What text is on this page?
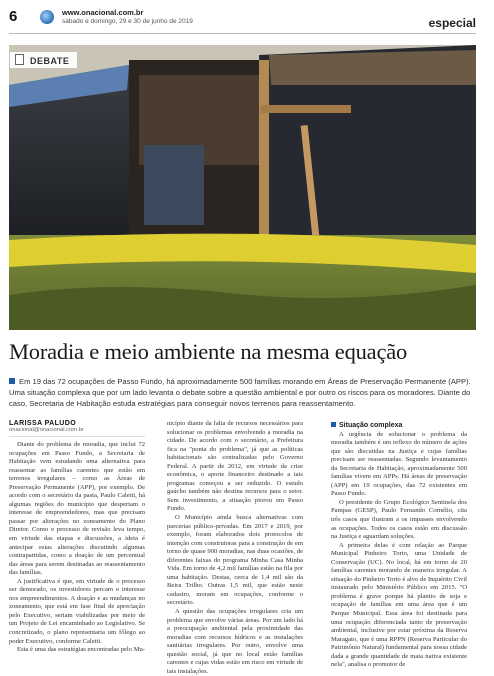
6	www.onacional.com.br
sábado e domingo, 29 e 30 de junho de 2019	especial
DEBATE
Moradia e meio ambiente na mesma equação
Em 19 das 72 ocupações de Passo Fundo, há aproximadamente 500 famílias morando em Áreas de Preservação Permanente (APP). Uma situação complexa que por um lado levanta o debate sobre a questão ambiental e por outro os riscos para os moradores. Diante do caso, Secretaria de Habitação estuda estratégias para conseguir novos terrenos para reassentamento.
LARISSA PALUDO
onacional@onacional.com.br

Diante do problema de moradia, que inclui 72 ocupações em Passo Fundo, a Secretaria de Habitação vem estudando uma alternativa para reassentar as famílias carentes que estão em terrenos irregulares – como as Áreas de Preservação Permanente (APP), por exemplo. De acordo com o secretário da pasta, Paulo Caletti, há algumas regiões do município que despertam o interesse de empreendedores, mas que precisam passar por alterações no zoneamento do Plano Diretor. Como o processo de revisão leva tempo, em virtude das etapas e discussões, a ideia é antecipar estas alterações discutindo algumas contrapartidas, como a doação de um percentual das áreas para serem destinadas ao reassentamento das famílias.

A justificativa é que, em virtude de o processo ser demorado, os investidores percam o interesse nos empreendimentos. A doação e as mudanças no zoneamento, que está em fase final de apreciação pelo Executivo, seriam viabilizadas por meio de um Projeto de Lei encaminhado ao Legislativo. Se concretizado, o plano representaria um fôlego ao poder Executivo, conforme Caletti.

Esta é uma das estratégias encontradas pelo Mu-

nicípio diante da falta de recursos necessários para solucionar os problemas envolvendo a moradia na cidade. De acordo com o secretário, a Prefeitura fica na "ponta do problema", já que as políticas habitacionais são centralizadas pelo Governo Federal. A partir de 2012, em virtude da crise econômica, o aporte financeiro destinado a tais programas começou a ser reduzido. O estudo gaúcho também não destina recursos para o setor. Sem investimento, a situação piorou em Passo Fundo.

O Município ainda busca alternativas com parcerias público-privadas. Em 2017 e 2019, por exemplo, foram elaborados dois protocolos de intenção com construtoras para a construção de em torno de quase 900 moradias, nas duas ocasiões, de diferentes faixas do programa Minha Casa Minha Vida. Em torno de 4,2 mil famílias estão na fila por uma habitação. Destas, cerca de 1,4 mil são da Beira Trilho. Outras 1,5 mil, que estão neste cadastro, moram em ocupações, conforme o secretário.

A questão das ocupações irregulares cria um problema que envolve várias áreas. Por um lado há a preocupação ambiental pela proximidade das moradias com recursos hídricos e as instalações sanitárias irregulares. Por outro, envolve uma questão social, já que no local estão famílias carentes e cujas vidas estão em risco em virtude de tais instalações.

Situação complexa

A urgência de solucionar o problema da moradia também é um reflexo do número de ações que são discutidas na Justiça e cujas famílias precisam ser reassentadas. Segundo levantamento da Secretaria de Habitação, aproximadamente 500 famílias vivem em APPs. Há áreas de preservação (APP) em 19 ocupações, das 72 existentes em Passo Fundo.

O presidente do Grupo Ecológico Sentinela dos Pampas (GESP), Paulo Fernando Cornélio, cita três casos que ilustram a os impasses envolvendo as ocupações. Todos os casos estão em discussão na Justiça e aguardam soluções.

A primeira delas é com relação ao Parque Municipal Pinheiro Torto, uma Unidade de Conservação (UC). No local, há em torno de 20 famílias carentes morando de maneira irregular. A situação do Pinheiro Torto é alvo de Inquérito Civil instaurado pelo Ministério Público em 2015. "O problema é grave porque há plantio de soja e ocupação de famílias em uma área que é um Parque Municipal. Essa área foi destinada para uma ocupação diferenciada tanto de preservação ambiental, inclusive por estar próxima da Reserva Maragato, que é uma RPPN (Reserva Particular do Patrimônio Natural) fundamental para nossa cidade dada a grande quantidade de mata nativa existente nela", analisa o promotor de
